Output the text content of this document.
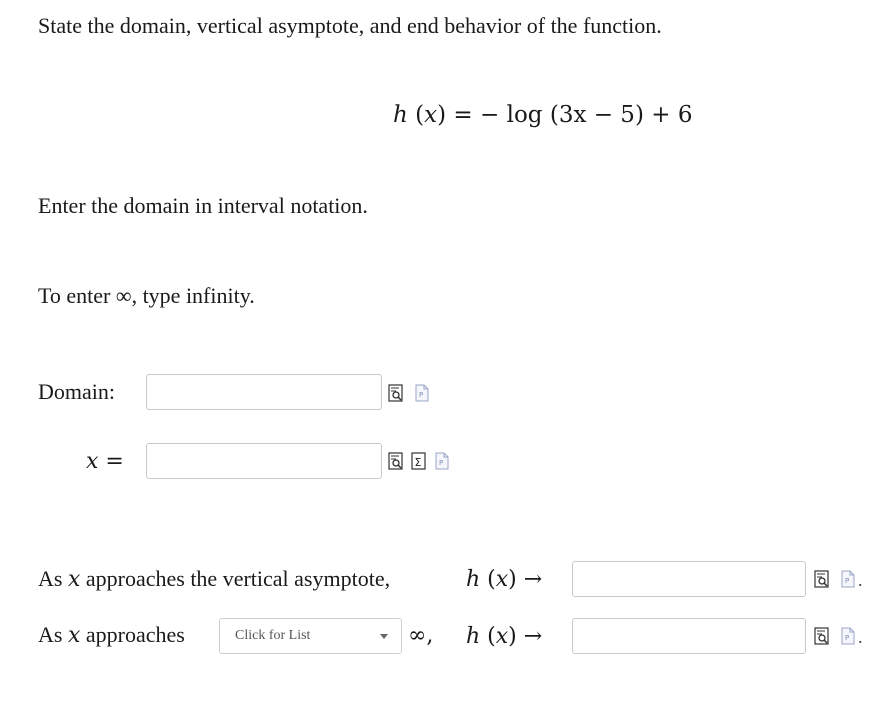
State the domain, vertical asymptote, and end behavior of the function.
h (x) = − log (3x − 5) + 6
Enter the domain in interval notation.
To enter ∞, type infinity.
Domain:	P
x =	Σ	P
As x approaches the vertical asymptote,	h (x) →	P .
As x approaches	Click for List	∞, h (x) →	P .
